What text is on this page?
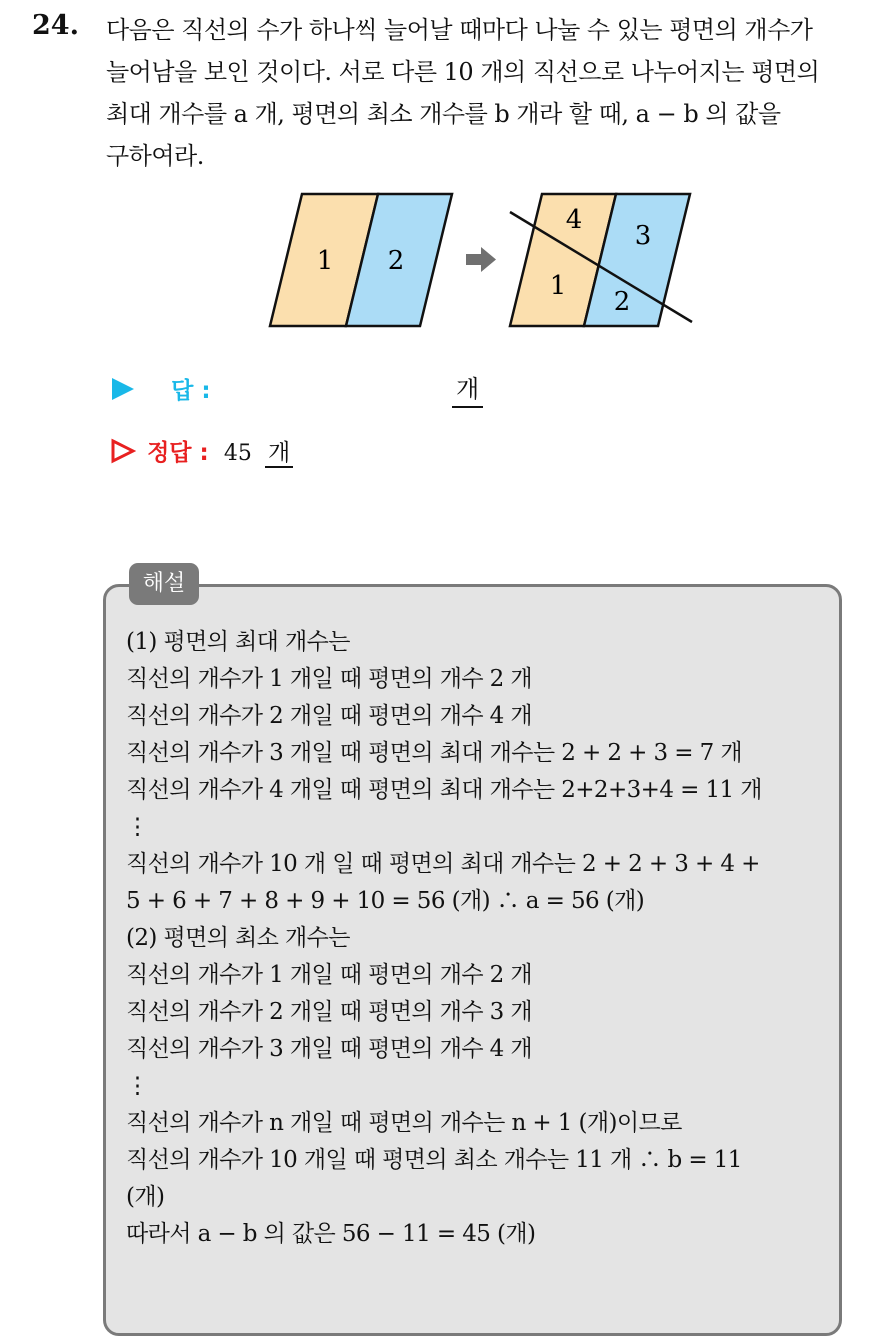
24. 다음은 직선의 수가 하나씩 늘어날 때마다 나눌 수 있는 평면의 개수가
늘어남을 보인 것이다. 서로 다른 10 개의 직선으로 나누어지는 평면의
최대 개수를 a 개, 평면의 최소 개수를 b 개라 할 때, a − b 의 값을
구하여라.
1 2
4
3
1
2
답 :	개
정답 : 45 개
해설
(1) 평면의 최대 개수는
직선의 개수가 1 개일 때 평면의 개수 2 개
직선의 개수가 2 개일 때 평면의 개수 4 개
직선의 개수가 3 개일 때 평면의 최대 개수는 2 + 2 + 3 = 7 개
직선의 개수가 4 개일 때 평면의 최대 개수는 2+2+3+4 = 11 개
⋮
직선의 개수가 10 개 일 때 평면의 최대 개수는 2 + 2 + 3 + 4 +
5 + 6 + 7 + 8 + 9 + 10 = 56 (개) ∴ a = 56 (개)
(2) 평면의 최소 개수는
직선의 개수가 1 개일 때 평면의 개수 2 개
직선의 개수가 2 개일 때 평면의 개수 3 개
직선의 개수가 3 개일 때 평면의 개수 4 개
⋮
직선의 개수가 n 개일 때 평면의 개수는 n + 1 (개)이므로
직선의 개수가 10 개일 때 평면의 최소 개수는 11 개 ∴ b = 11
(개)
따라서 a − b 의 값은 56 − 11 = 45 (개)
